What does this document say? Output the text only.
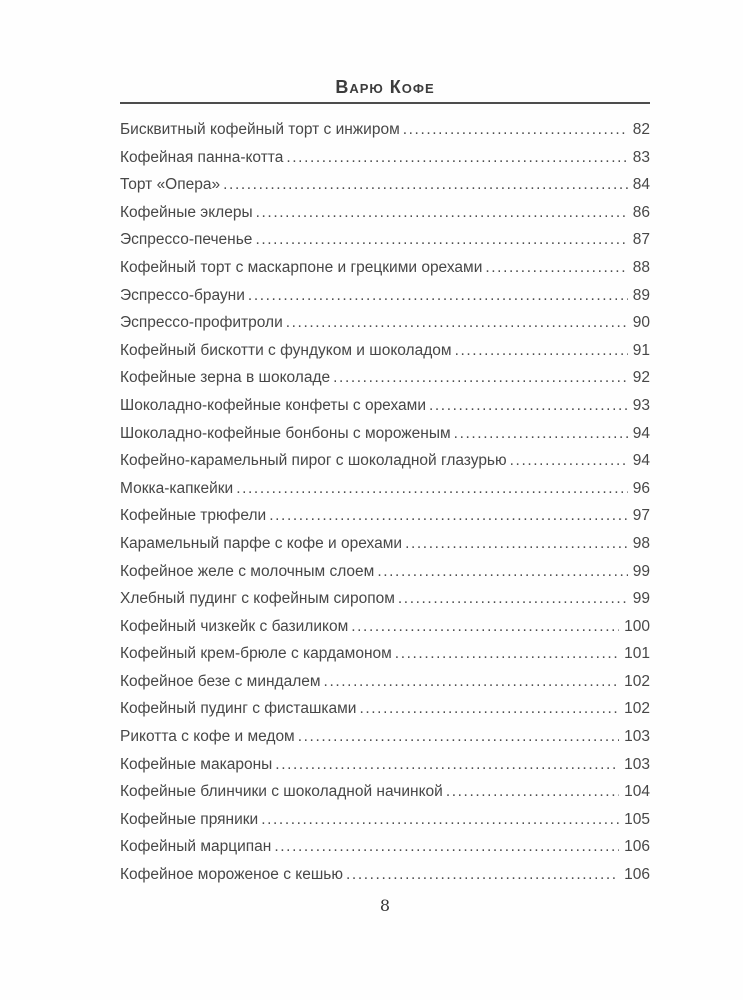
Варю Кофе
Бисквитный кофейный торт с инжиром .....	82
Кофейная панна-котта .....	83
Торт «Опера» .....	84
Кофейные эклеры .....	86
Эспрессо-печенье .....	87
Кофейный торт с маскарпоне и грецкими орехами .....	88
Эспрессо-брауни .....	89
Эспрессо-профитроли .....	90
Кофейный бискотти с фундуком и шоколадом .....	91
Кофейные зерна в шоколаде .....	92
Шоколадно-кофейные конфеты с орехами .....	93
Шоколадно-кофейные бонбоны с мороженым .....	94
Кофейно-карамельный пирог с шоколадной глазурью .....	94
Мокка-капкейки .....	96
Кофейные трюфели .....	97
Карамельный парфе с кофе и орехами .....	98
Кофейное желе с молочным слоем .....	99
Хлебный пудинг с кофейным сиропом .....	99
Кофейный чизкейк с базиликом .....	100
Кофейный крем-брюле с кардамоном .....	101
Кофейное безе с миндалем .....	102
Кофейный пудинг с фисташками .....	102
Рикотта с кофе и медом .....	103
Кофейные макароны .....	103
Кофейные блинчики с шоколадной начинкой .....	104
Кофейные пряники .....	105
Кофейный марципан .....	106
Кофейное мороженое с кешью .....	106
8
